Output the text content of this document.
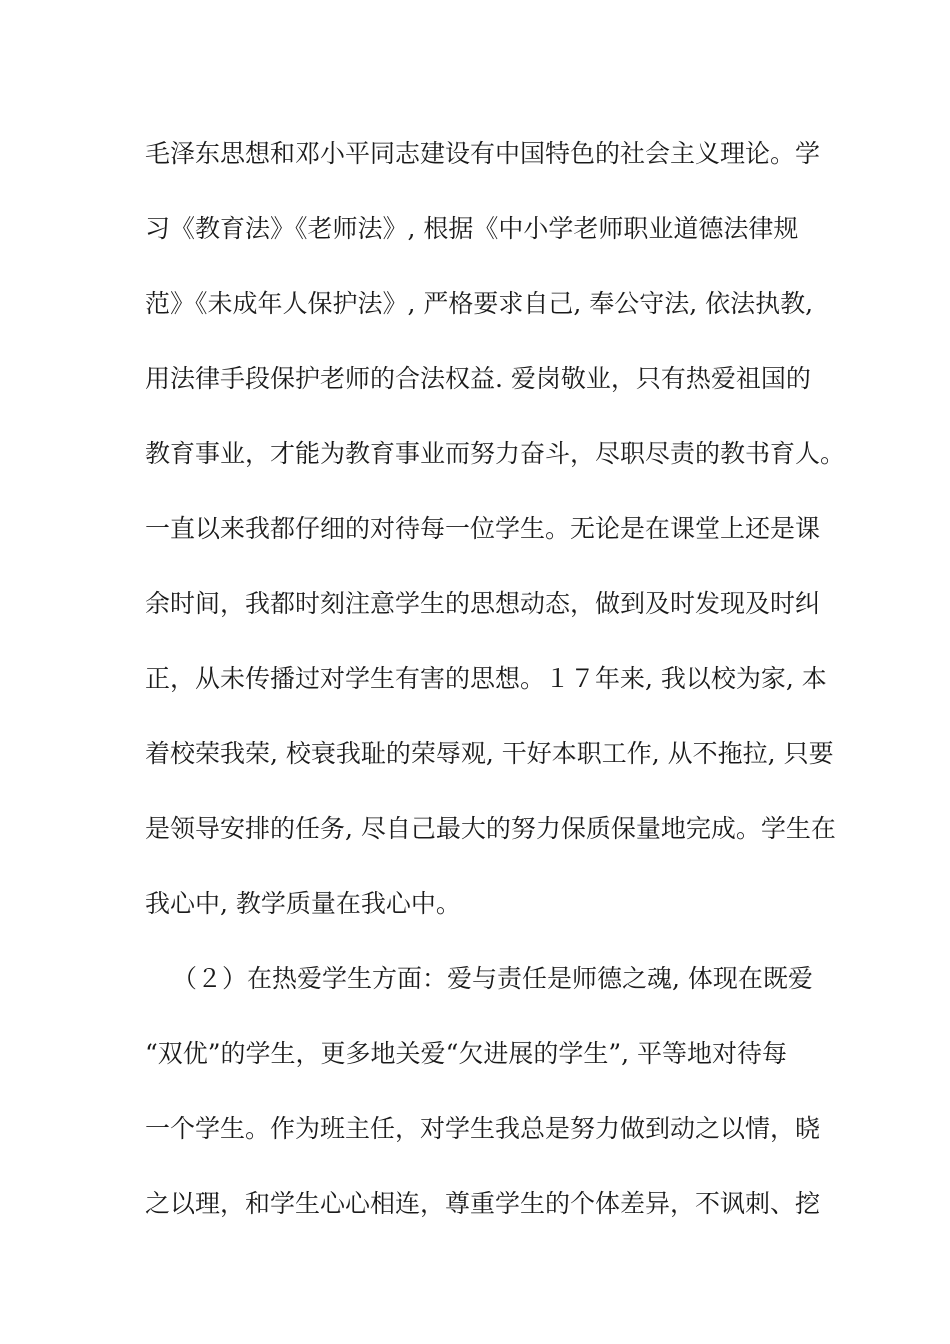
毛泽东思想和邓小平同志建设有中国特色的社会主义理论。学
习《教育法》《老师法》, 根据《中小学老师职业道德法律规
范》《未成年人保护法》, 严格要求自己, 奉公守法, 依法执教,
用法律手段保护老师的合法权益. 爱岗敬业，只有热爱祖国的
教育事业，才能为教育事业而努力奋斗，尽职尽责的教书育人。
一直以来我都仔细的对待每一位学生。无论是在课堂上还是课
余时间，我都时刻注意学生的思想动态，做到及时发现及时纠
正，从未传播过对学生有害的思想。１７年来, 我以校为家, 本
着校荣我荣, 校衰我耻的荣辱观, 干好本职工作, 从不拖拉, 只要
是领导安排的任务, 尽自己最大的努力保质保量地完成。学生在
我心中, 教学质量在我心中。
（２）在热爱学生方面：爱与责任是师德之魂, 体现在既爱
“双优”的学生，更多地关爱“欠进展的学生”, 平等地对待每
一个学生。作为班主任，对学生我总是努力做到动之以情，晓
之以理，和学生心心相连，尊重学生的个体差异，不讽刺、挖
